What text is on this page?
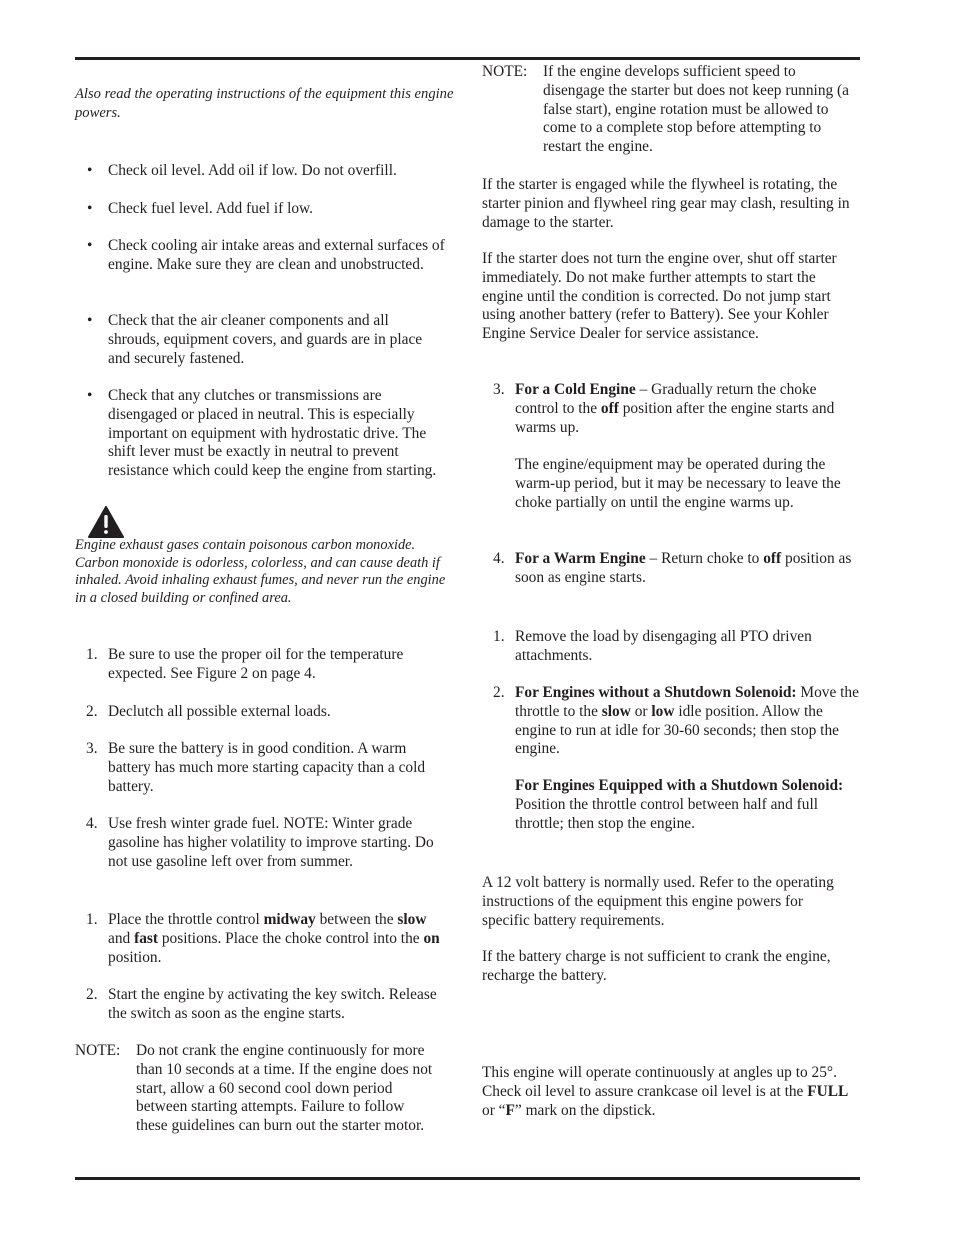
Also read the operating instructions of the equipment this engine powers.

• Check oil level. Add oil if low. Do not overfill.
• Check fuel level. Add fuel if low.
• Check cooling air intake areas and external surfaces of engine. Make sure they are clean and unobstructed.
• Check that the air cleaner components and all shrouds, equipment covers, and guards are in place and securely fastened.
• Check that any clutches or transmissions are disengaged or placed in neutral. This is especially important on equipment with hydrostatic drive. The shift lever must be exactly in neutral to prevent resistance which could keep the engine from starting.

Engine exhaust gases contain poisonous carbon monoxide. Carbon monoxide is odorless, colorless, and can cause death if inhaled. Avoid inhaling exhaust fumes, and never run the engine in a closed building or confined area.

1. Be sure to use the proper oil for the temperature expected. See Figure 2 on page 4.
2. Declutch all possible external loads.
3. Be sure the battery is in good condition. A warm battery has much more starting capacity than a cold battery.
4. Use fresh winter grade fuel. NOTE: Winter grade gasoline has higher volatility to improve starting. Do not use gasoline left over from summer.
1. Place the throttle control midway between the slow and fast positions. Place the choke control into the on position.
2. Start the engine by activating the key switch. Release the switch as soon as the engine starts.
NOTE: Do not crank the engine continuously for more than 10 seconds at a time. If the engine does not start, allow a 60 second cool down period between starting attempts. Failure to follow these guidelines can burn out the starter motor.
NOTE: If the engine develops sufficient speed to disengage the starter but does not keep running (a false start), engine rotation must be allowed to come to a complete stop before attempting to restart the engine.

If the starter is engaged while the flywheel is rotating, the starter pinion and flywheel ring gear may clash, resulting in damage to the starter.

If the starter does not turn the engine over, shut off starter immediately. Do not make further attempts to start the engine until the condition is corrected. Do not jump start using another battery (refer to Battery). See your Kohler Engine Service Dealer for service assistance.

3. For a Cold Engine – Gradually return the choke control to the off position after the engine starts and warms up.
The engine/equipment may be operated during the warm-up period, but it may be necessary to leave the choke partially on until the engine warms up.
4. For a Warm Engine – Return choke to off position as soon as engine starts.
1. Remove the load by disengaging all PTO driven attachments.
2. For Engines without a Shutdown Solenoid: Move the throttle to the slow or low idle position. Allow the engine to run at idle for 30-60 seconds; then stop the engine.
For Engines Equipped with a Shutdown Solenoid: Position the throttle control between half and full throttle; then stop the engine.

A 12 volt battery is normally used. Refer to the operating instructions of the equipment this engine powers for specific battery requirements.

If the battery charge is not sufficient to crank the engine, recharge the battery.

This engine will operate continuously at angles up to 25°. Check oil level to assure crankcase oil level is at the FULL or “F” mark on the dipstick.
